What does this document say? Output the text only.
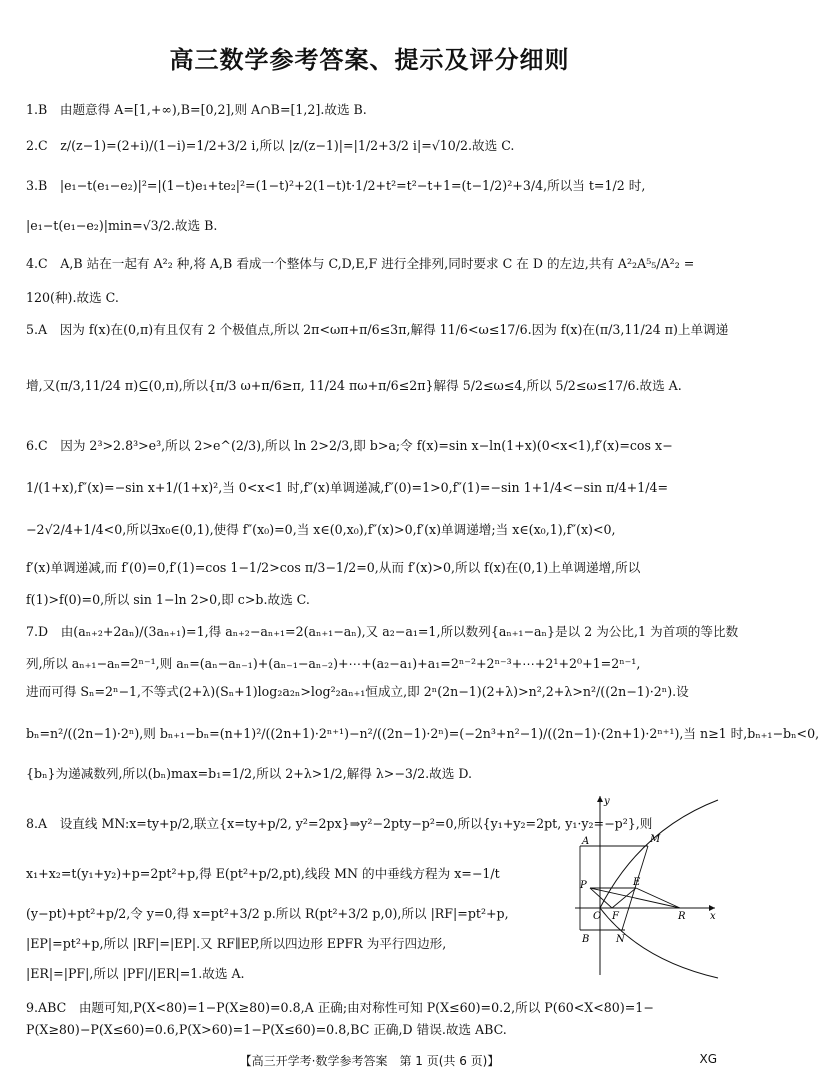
高三数学参考答案、提示及评分细则
1.B　由题意得 A=[1,+∞),B=[0,2],则 A∩B=[1,2].故选 B.
2.C　z/(z−1)=(2+i)/(1−i)=1/2+3/2 i,所以 |z/(z−1)|=|1/2+3/2 i|=√10/2.故选 C.
3.B　|e₁−t(e₁−e₂)|²=|(1−t)e₁+te₂|²=(1−t)²+2(1−t)t·1/2+t²=t²−t+1=(t−1/2)²+3/4,所以当 t=1/2 时,
|e₁−t(e₁−e₂)|min=√3/2.故选 B.
4.C　A,B 站在一起有 A²₂ 种,将 A,B 看成一个整体与 C,D,E,F 进行全排列,同时要求 C 在 D 的左边,共有 A²₂A⁵₅/A²₂ =
120(种).故选 C.
5.A　因为 f(x)在(0,π)有且仅有 2 个极值点,所以 2π<ωπ+π/6≤3π,解得 11/6<ω≤17/6.因为 f(x)在(π/3,11/24 π)上单调递
增,又(π/3,11/24 π)⊆(0,π),所以{π/3 ω+π/6≥π, 11/24 πω+π/6≤2π}解得 5/2≤ω≤4,所以 5/2≤ω≤17/6.故选 A.
6.C　因为 2³>2.8³>e³,所以 2>e^(2/3),所以 ln 2>2/3,即 b>a;令 f(x)=sin x−ln(1+x)(0<x<1),f′(x)=cos x−
1/(1+x),f″(x)=−sin x+1/(1+x)²,当 0<x<1 时,f″(x)单调递减,f″(0)=1>0,f″(1)=−sin 1+1/4<−sin π/4+1/4=
−2√2/4+1/4<0,所以∃x₀∈(0,1),使得 f″(x₀)=0,当 x∈(0,x₀),f″(x)>0,f′(x)单调递增;当 x∈(x₀,1),f″(x)<0,
f′(x)单调递减,而 f′(0)=0,f′(1)=cos 1−1/2>cos π/3−1/2=0,从而 f′(x)>0,所以 f(x)在(0,1)上单调递增,所以
f(1)>f(0)=0,所以 sin 1−ln 2>0,即 c>b.故选 C.
7.D　由(aₙ₊₂+2aₙ)/(3aₙ₊₁)=1,得 aₙ₊₂−aₙ₊₁=2(aₙ₊₁−aₙ),又 a₂−a₁=1,所以数列{aₙ₊₁−aₙ}是以 2 为公比,1 为首项的等比数
列,所以 aₙ₊₁−aₙ=2ⁿ⁻¹,则 aₙ=(aₙ−aₙ₋₁)+(aₙ₋₁−aₙ₋₂)+⋯+(a₂−a₁)+a₁=2ⁿ⁻²+2ⁿ⁻³+⋯+2¹+2⁰+1=2ⁿ⁻¹,
进而可得 Sₙ=2ⁿ−1,不等式(2+λ)(Sₙ+1)log₂a₂ₙ>log²₂aₙ₊₁恒成立,即 2ⁿ(2n−1)(2+λ)>n²,2+λ>n²/((2n−1)·2ⁿ).设
bₙ=n²/((2n−1)·2ⁿ),则 bₙ₊₁−bₙ=(n+1)²/((2n+1)·2ⁿ⁺¹)−n²/((2n−1)·2ⁿ)=(−2n³+n²−1)/((2n−1)·(2n+1)·2ⁿ⁺¹),当 n≥1 时,bₙ₊₁−bₙ<0,
{bₙ}为递减数列,所以(bₙ)max=b₁=1/2,所以 2+λ>1/2,解得 λ>−3/2.故选 D.
8.A　设直线 MN:x=ty+p/2,联立{x=ty+p/2, y²=2px}⇒y²−2pty−p²=0,所以{y₁+y₂=2pt, y₁·y₂=−p²},则
x₁+x₂=t(y₁+y₂)+p=2pt²+p,得 E(pt²+p/2,pt),线段 MN 的中垂线方程为 x=−1/t
(y−pt)+pt²+p/2,令 y=0,得 x=pt²+3/2 p.所以 R(pt²+3/2 p,0),所以 |RF|=pt²+p,
|EP|=pt²+p,所以 |RF|=|EP|.又 RF∥EP,所以四边形 EPFR 为平行四边形,
|ER|=|PF|,所以 |PF|/|ER|=1.故选 A.
9.ABC　由题可知,P(X<80)=1−P(X≥80)=0.8,A 正确;由对称性可知 P(X≤60)=0.2,所以 P(60<X<80)=1−
P(X≥80)−P(X≤60)=0.6,P(X>60)=1−P(X≤60)=0.8,BC 正确,D 错误.故选 ABC.
y
M
A
P	E
O F	R x
B	N
【高三开学考·数学参考答案　第 1 页(共 6 页)】	XG
